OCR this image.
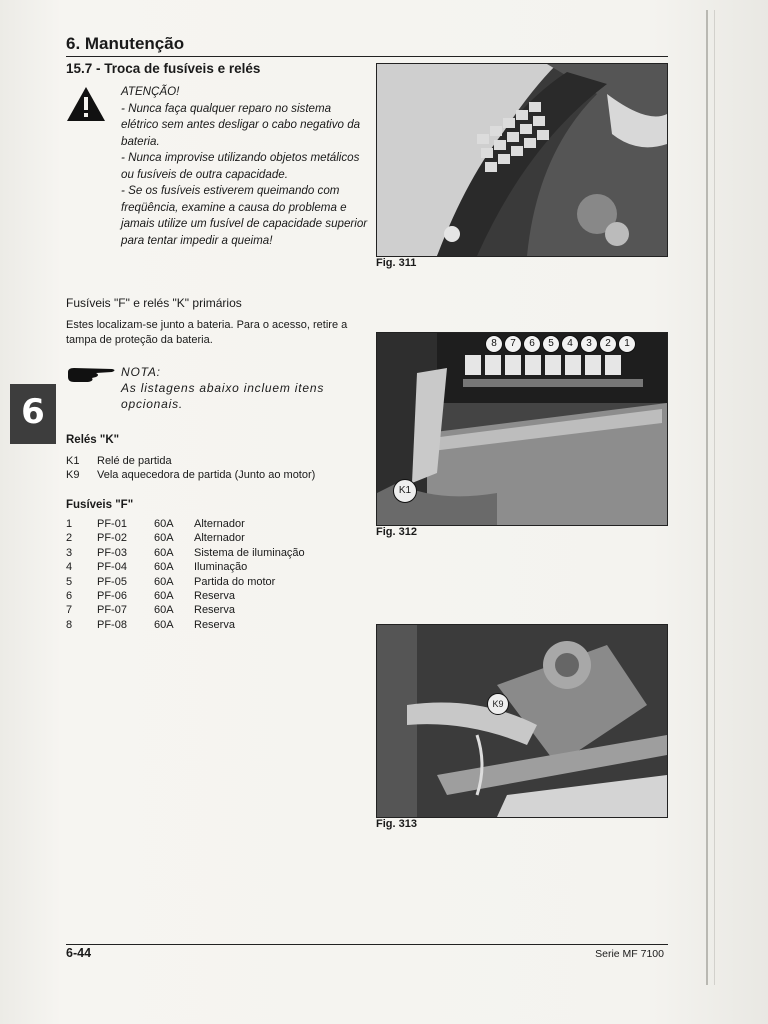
6. Manutenção
15.7 - Troca de fusíveis e relés

ATENÇÃO!

- Nunca faça qualquer reparo no sistema elétrico sem antes desligar o cabo negativo da bateria.

- Nunca improvise utilizando objetos metálicos ou fusíveis de outra capacidade.

- Se os fusíveis estiverem queimando com freqüência, examine a causa do problema e jamais utilize um fusível de capacidade superior para tentar impedir a queima!

Fusíveis "F" e relés "K" primários
Estes localizam-se junto a bateria. Para o acesso, retire a tampa de proteção da bateria.

NOTA:

As listagens abaixo incluem itens opcionais.

6
Relés "K"
K1 Relé de partida
K9 Vela aquecedora de partida (Junto ao motor)
Fusíveis "F"
1 PF-01 60A Alternador
2 PF-02 60A Alternador
3 PF-03 60A Sistema de iluminação
4 PF-04 60A Iluminação
5 PF-05 60A Partida do motor
6 PF-06 60A Reserva
7 PF-07 60A Reserva
8 PF-08 60A Reserva
Fig. 311
8	7	6	5	4	3	2	1
K1
Fig. 312
K9
Fig. 313
6-44	Serie MF 7100
